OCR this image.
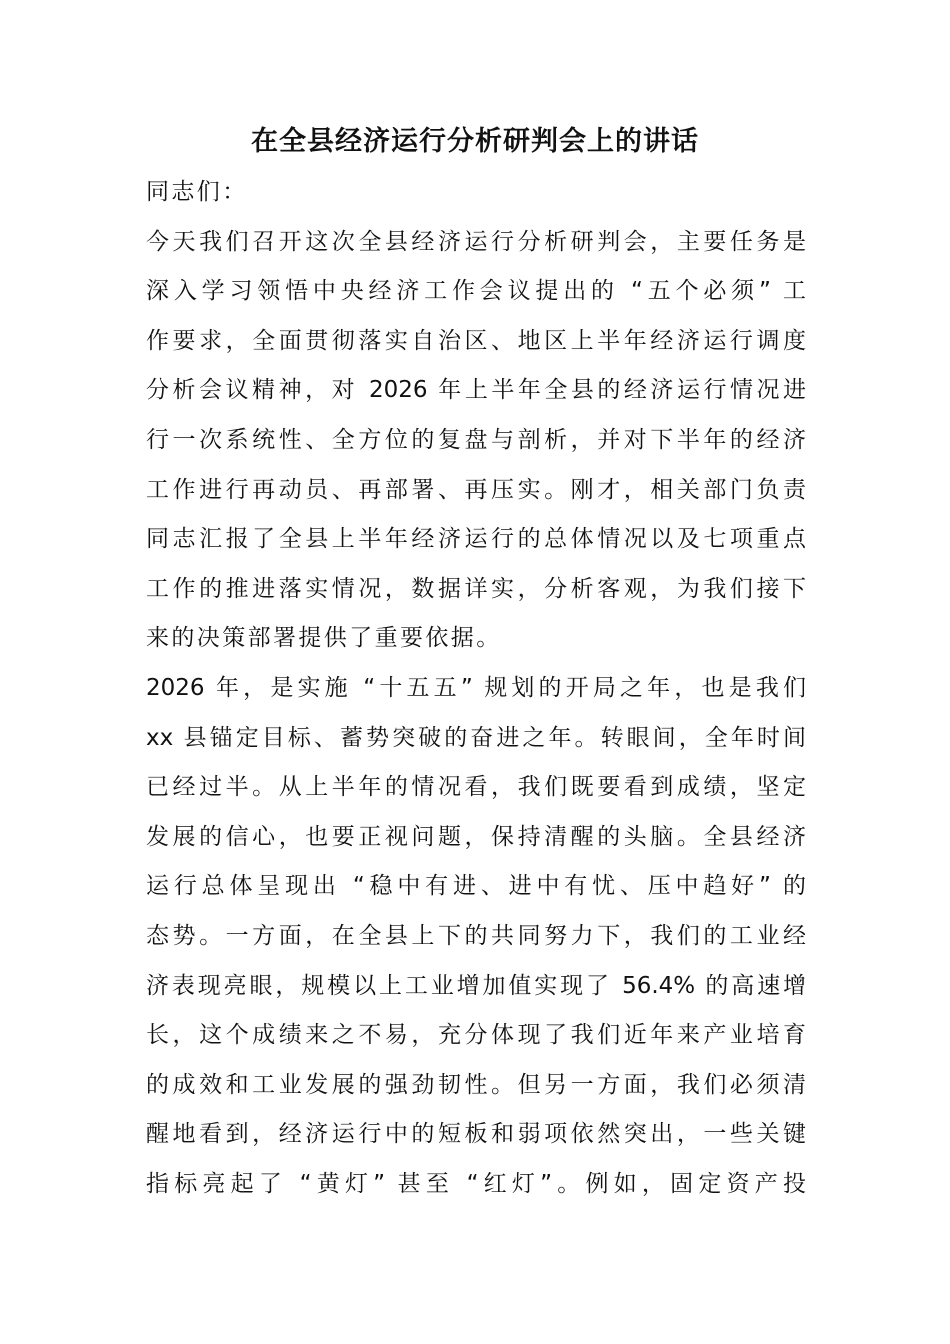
在全县经济运行分析研判会上的讲话
同志们：
今天我们召开这次全县经济运行分析研判会，主要任务是
深入学习领悟中央经济工作会议提出的 “五个必须” 工
作要求，全面贯彻落实自治区、地区上半年经济运行调度
分析会议精神，对 2026 年上半年全县的经济运行情况进
行一次系统性、全方位的复盘与剖析，并对下半年的经济
工作进行再动员、再部署、再压实。刚才，相关部门负责
同志汇报了全县上半年经济运行的总体情况以及七项重点
工作的推进落实情况，数据详实，分析客观，为我们接下
来的决策部署提供了重要依据。
2026 年，是实施 “十五五” 规划的开局之年，也是我们
xx 县锚定目标、蓄势突破的奋进之年。转眼间，全年时间
已经过半。从上半年的情况看，我们既要看到成绩，坚定
发展的信心，也要正视问题，保持清醒的头脑。全县经济
运行总体呈现出 “稳中有进、进中有忧、压中趋好” 的
态势。一方面，在全县上下的共同努力下，我们的工业经
济表现亮眼，规模以上工业增加值实现了 56.4% 的高速增
长，这个成绩来之不易，充分体现了我们近年来产业培育
的成效和工业发展的强劲韧性。但另一方面，我们必须清
醒地看到，经济运行中的短板和弱项依然突出，一些关键
指标亮起了 “黄灯” 甚至 “红灯”。例如，固定资产投
